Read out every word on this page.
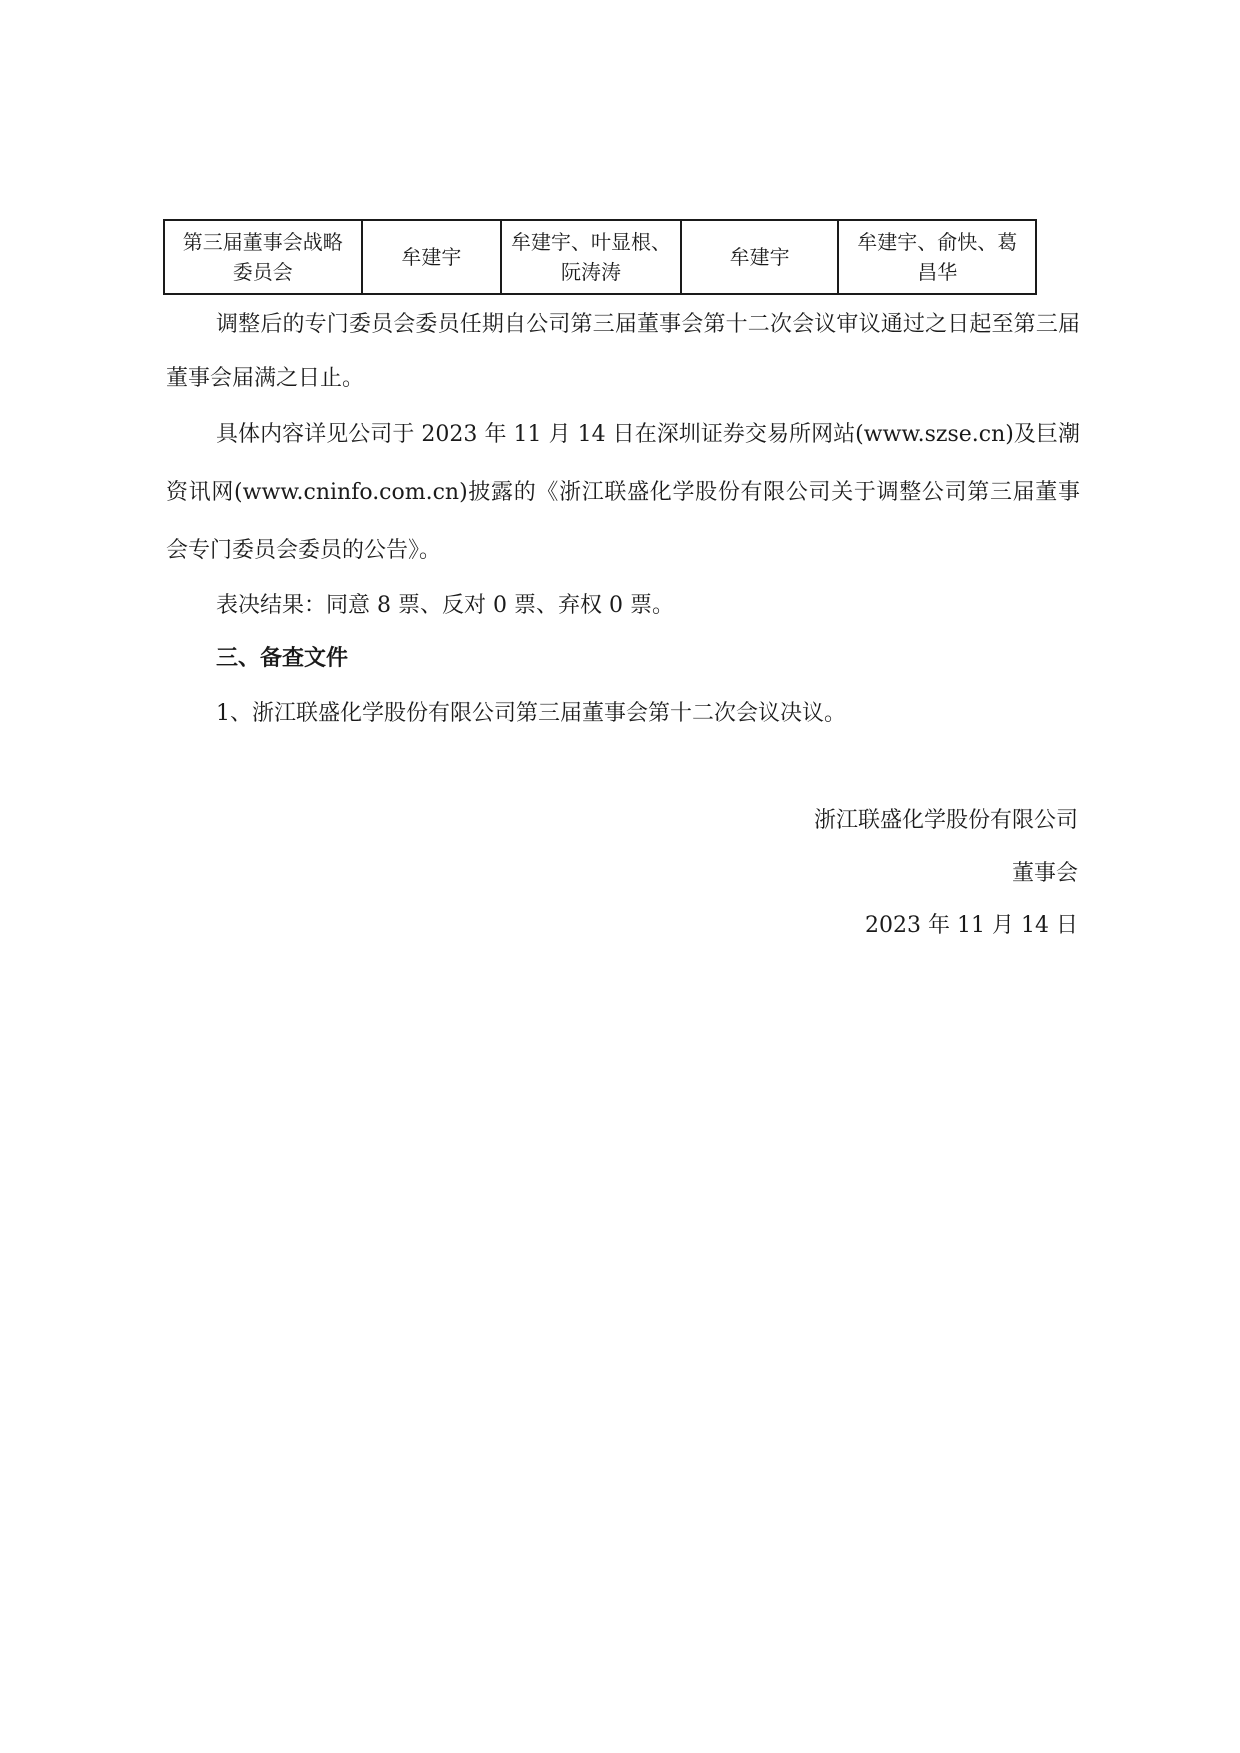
第三届董事会战略委员会	牟建宇	牟建宇、叶显根、阮涛涛	牟建宇	牟建宇、俞快、葛昌华
调整后的专门委员会委员任期自公司第三届董事会第十二次会议审议通过之日起至第三届董事会届满之日止。
具体内容详见公司于 2023 年 11 月 14 日在深圳证券交易所网站(www.szse.cn)及巨潮资讯网(www.cninfo.com.cn)披露的《浙江联盛化学股份有限公司关于调整公司第三届董事会专门委员会委员的公告》。
表决结果：同意 8 票、反对 0 票、弃权 0 票。
三、备查文件
1、浙江联盛化学股份有限公司第三届董事会第十二次会议决议。
浙江联盛化学股份有限公司
董事会
2023 年 11 月 14 日
